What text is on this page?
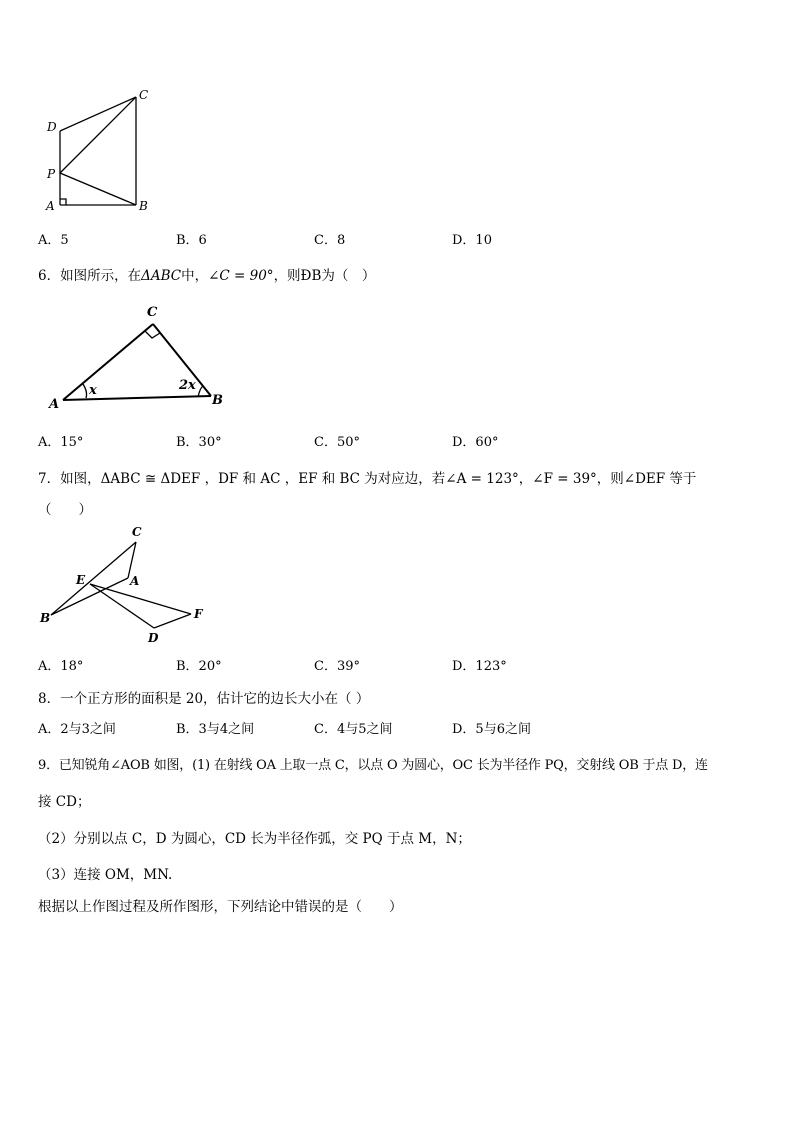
C
D
P
A	B
A．5	B．6	C．8	D．10
6．如图所示，在ΔABC中，∠C = 90°，则ÐB为（　）
C
A	B
x	2x
A．15°	B．30°	C．50°	D．60°
7．如图，ΔABC ≅ ΔDEF ，DF 和 AC ，EF 和 BC 为对应边，若∠A = 123°，∠F = 39°，则∠DEF 等于
（　　）
C
E	A
B	F
D
A．18°	B．20°	C．39°	D．123°
8．一个正方形的面积是 20，估计它的边长大小在（ ）
A．2与3之间	B．3与4之间	C．4与5之间	D．5与6之间
9．已知锐角∠AOB 如图，(1) 在射线 OA 上取一点 C，以点 O 为圆心，OC 长为半径作 PQ，交射线 OB 于点 D，连
接 CD；
（2）分别以点 C，D 为圆心，CD 长为半径作弧，交 PQ 于点 M，N；
（3）连接 OM，MN.
根据以上作图过程及所作图形，下列结论中错误的是（　　）
